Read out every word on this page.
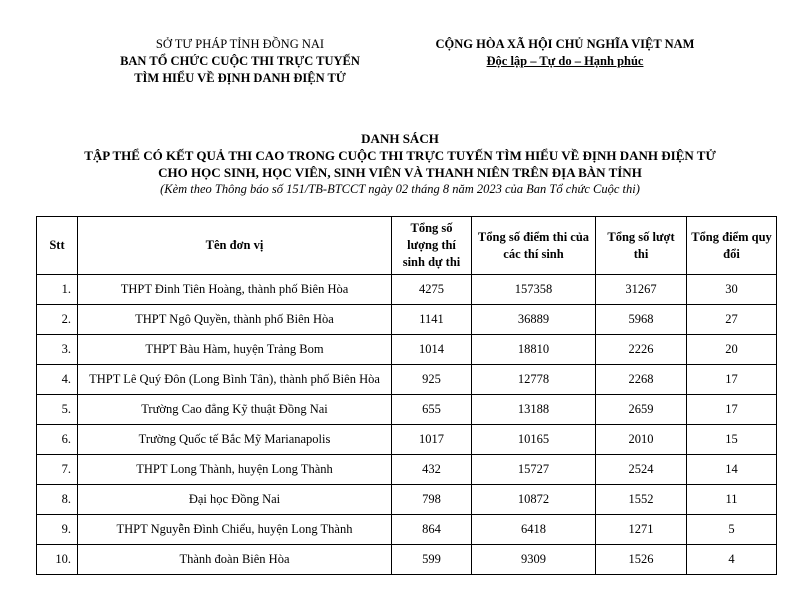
SỞ TƯ PHÁP TỈNH ĐỒNG NAI
BAN TỔ CHỨC CUỘC THI TRỰC TUYẾN
TÌM HIỂU VỀ ĐỊNH DANH ĐIỆN TỬ
CỘNG HÒA XÃ HỘI CHỦ NGHĨA VIỆT NAM
Độc lập – Tự do – Hạnh phúc
DANH SÁCH
TẬP THỂ CÓ KẾT QUẢ THI CAO TRONG CUỘC THI TRỰC TUYẾN TÌM HIỂU VỀ ĐỊNH DANH ĐIỆN TỬ
CHO HỌC SINH, HỌC VIÊN, SINH VIÊN VÀ THANH NIÊN TRÊN ĐỊA BÀN TỈNH
(Kèm theo Thông báo số 151/TB-BTCCT ngày 02 tháng 8 năm 2023 của Ban Tổ chức Cuộc thi)
Stt	Tên đơn vị	Tổng số lượng thí sinh dự thi	Tổng số điểm thi của các thí sinh	Tổng số lượt thi	Tổng điểm quy đổi
1.	THPT Đinh Tiên Hoàng, thành phố Biên Hòa	4275	157358	31267	30
2.	THPT Ngô Quyền, thành phố Biên Hòa	1141	36889	5968	27
3.	THPT Bàu Hàm, huyện Trảng Bom	1014	18810	2226	20
4.	THPT Lê Quý Đôn (Long Bình Tân), thành phố Biên Hòa	925	12778	2268	17
5.	Trường Cao đẳng Kỹ thuật Đồng Nai	655	13188	2659	17
6.	Trường Quốc tế Bắc Mỹ Marianapolis	1017	10165	2010	15
7.	THPT Long Thành, huyện Long Thành	432	15727	2524	14
8.	Đại học Đồng Nai	798	10872	1552	11
9.	THPT Nguyễn Đình Chiểu, huyện Long Thành	864	6418	1271	5
10.	Thành đoàn Biên Hòa	599	9309	1526	4
